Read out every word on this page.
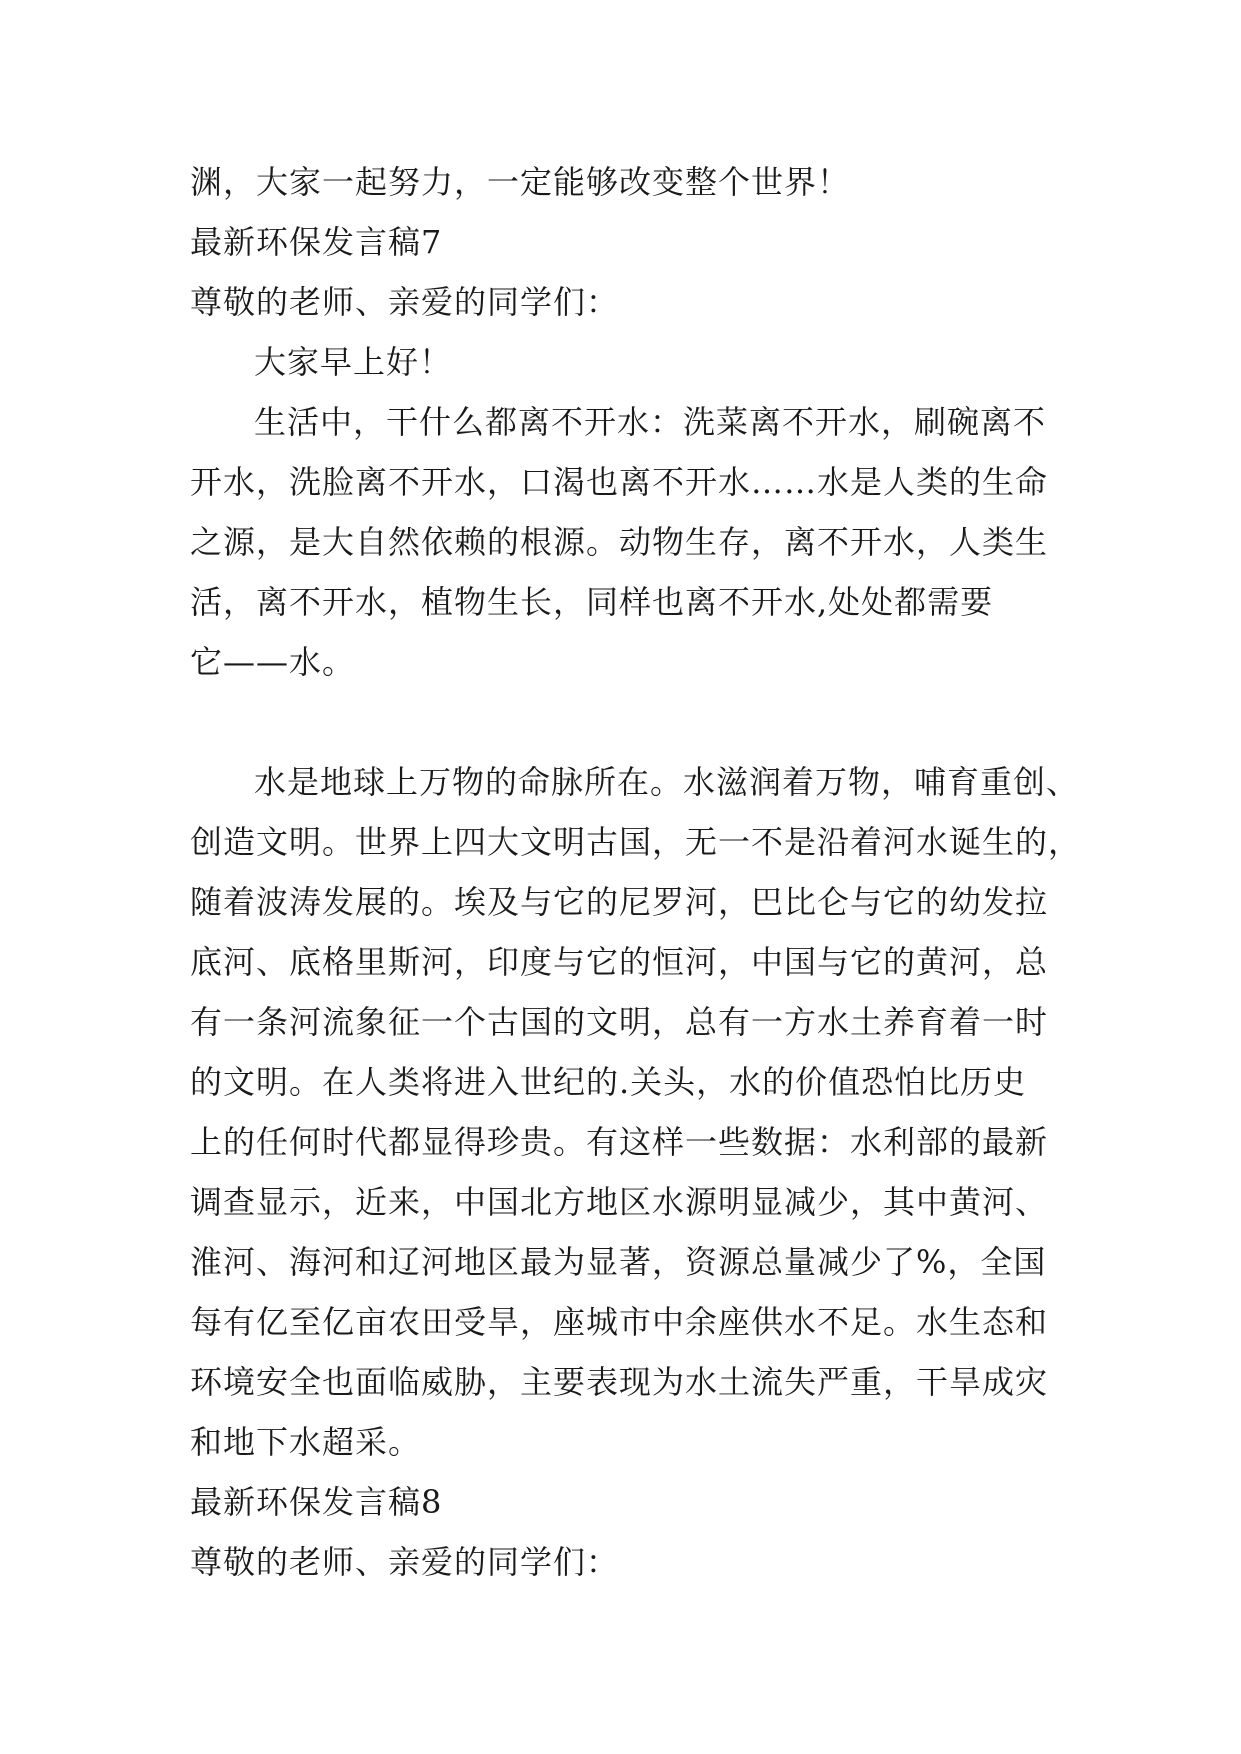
渊，大家一起努力，一定能够改变整个世界！
最新环保发言稿7
尊敬的老师、亲爱的同学们：
大家早上好！
生活中，干什么都离不开水：洗菜离不开水，刷碗离不
开水，洗脸离不开水，口渴也离不开水……水是人类的生命
之源，是大自然依赖的根源。动物生存，离不开水，人类生
活，离不开水，植物生长，同样也离不开水,处处都需要
它——水。
水是地球上万物的命脉所在。水滋润着万物，哺育重创、
创造文明。世界上四大文明古国，无一不是沿着河水诞生的，
随着波涛发展的。埃及与它的尼罗河，巴比仑与它的幼发拉
底河、底格里斯河，印度与它的恒河，中国与它的黄河，总
有一条河流象征一个古国的文明，总有一方水土养育着一时
的文明。在人类将进入世纪的.关头，水的价值恐怕比历史
上的任何时代都显得珍贵。有这样一些数据：水利部的最新
调查显示，近来，中国北方地区水源明显减少，其中黄河、
淮河、海河和辽河地区最为显著，资源总量减少了%，全国
每有亿至亿亩农田受旱，座城市中余座供水不足。水生态和
环境安全也面临威胁，主要表现为水土流失严重，干旱成灾
和地下水超采。
最新环保发言稿8
尊敬的老师、亲爱的同学们：
